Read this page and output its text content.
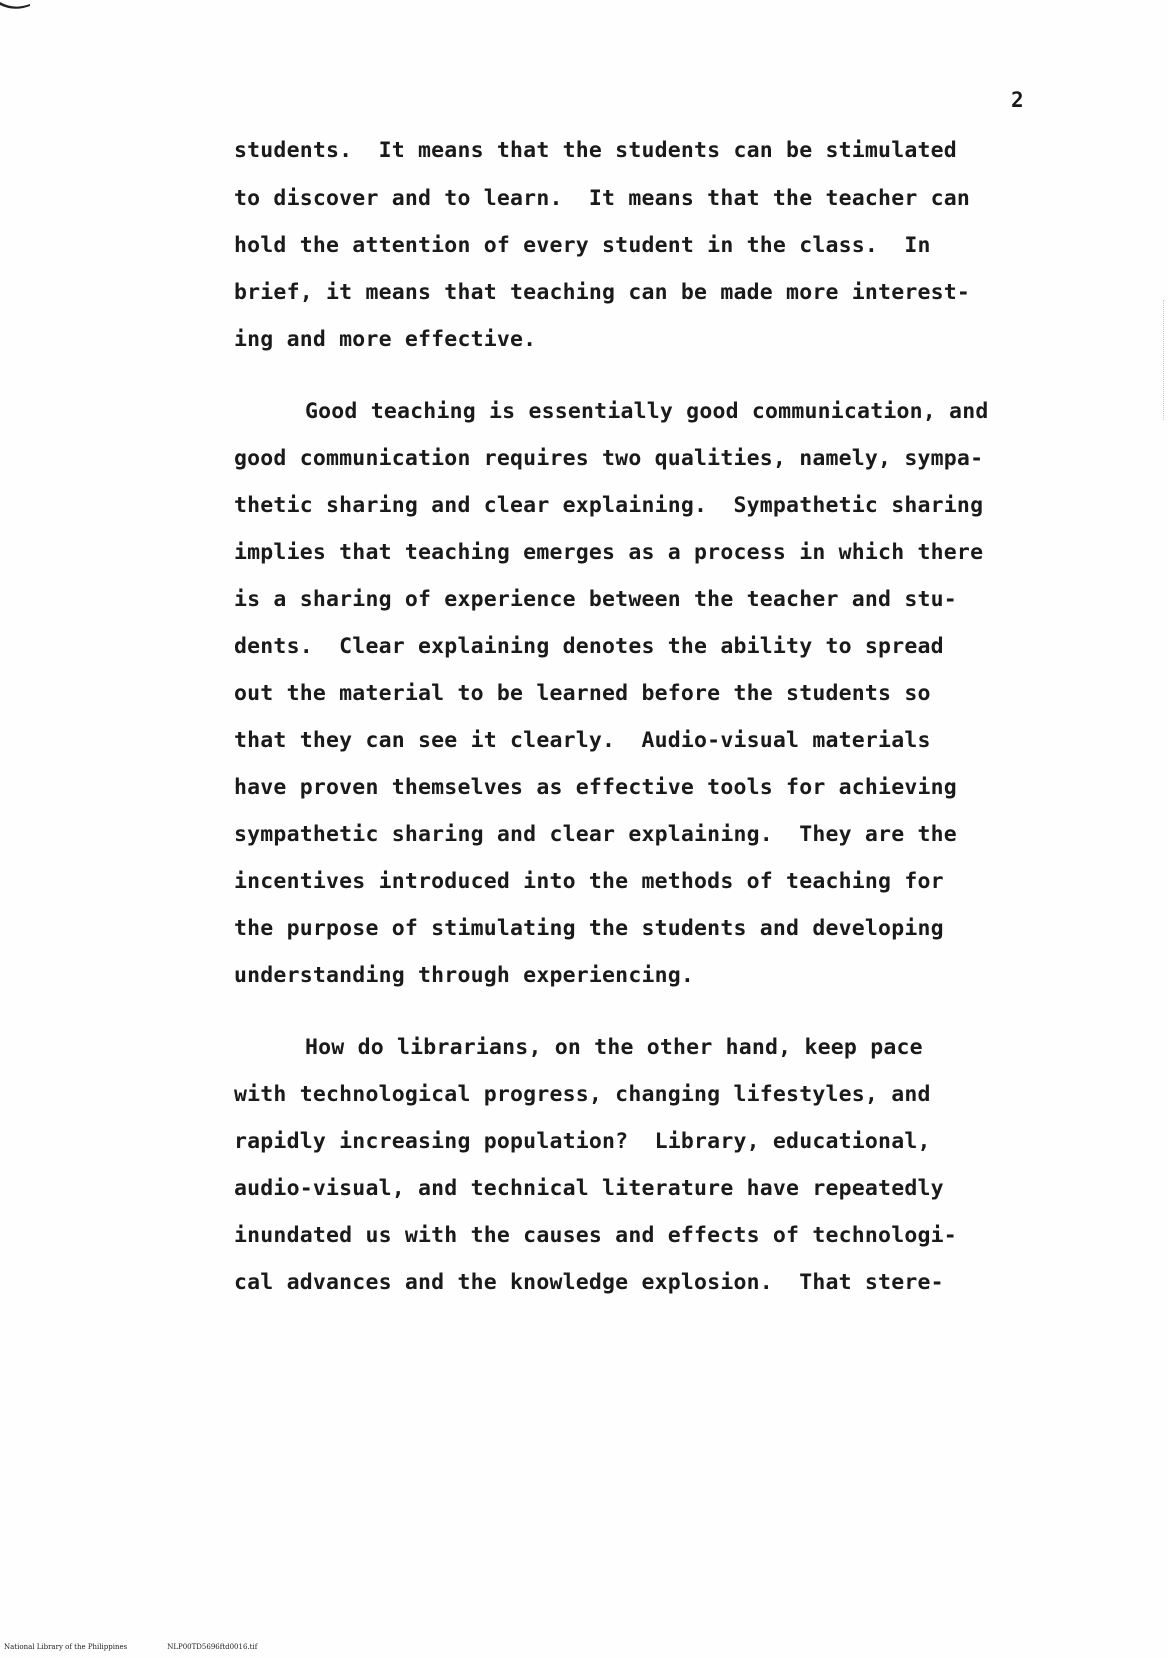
2
students.  It means that the students can be stimulated
to discover and to learn.  It means that the teacher can
hold the attention of every student in the class.  In
brief, it means that teaching can be made more interest-
ing and more effective.
Good teaching is essentially good communication, and
good communication requires two qualities, namely, sympa-
thetic sharing and clear explaining.  Sympathetic sharing
implies that teaching emerges as a process in which there
is a sharing of experience between the teacher and stu-
dents.  Clear explaining denotes the ability to spread
out the material to be learned before the students so
that they can see it clearly.  Audio-visual materials
have proven themselves as effective tools for achieving
sympathetic sharing and clear explaining.  They are the
incentives introduced into the methods of teaching for
the purpose of stimulating the students and developing
understanding through experiencing.
How do librarians, on the other hand, keep pace
with technological progress, changing lifestyles, and
rapidly increasing population?  Library, educational,
audio-visual, and technical literature have repeatedly
inundated us with the causes and effects of technologi-
cal advances and the knowledge explosion.  That stere-
National Library of the Philippines	NLP00TD5696ftd0016.tif
